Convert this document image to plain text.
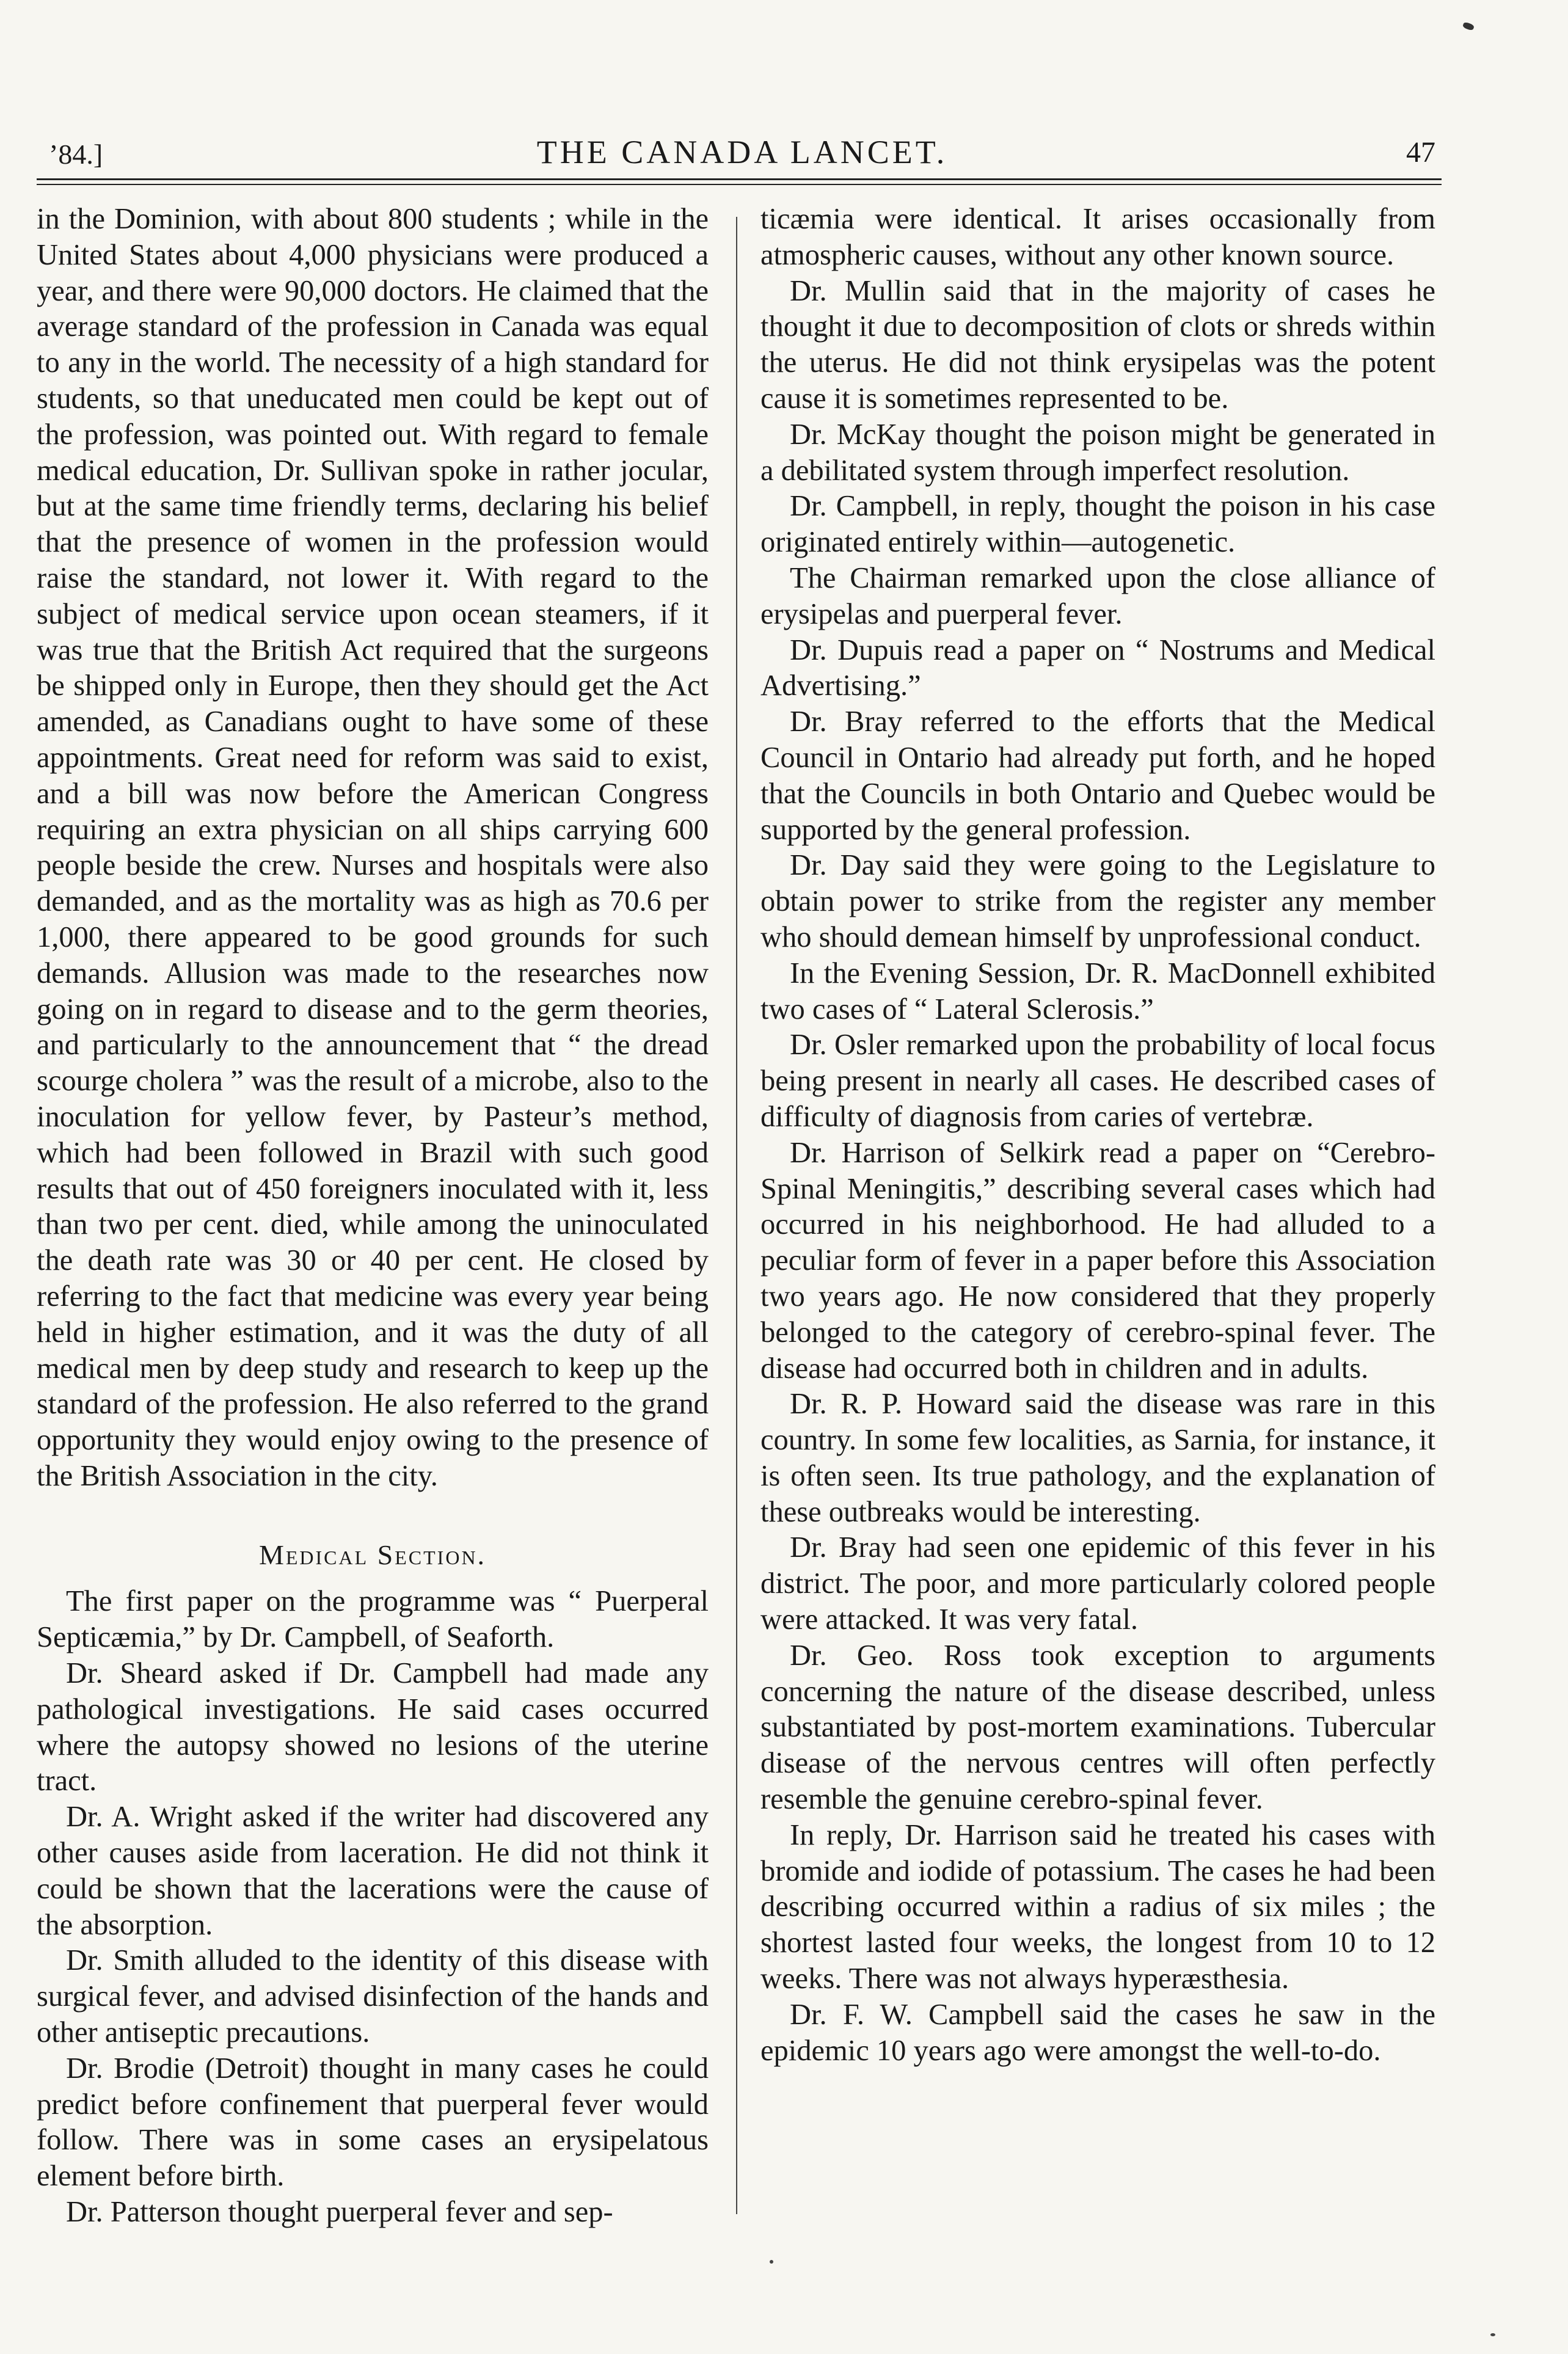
’84.]	THE CANADA LANCET.	47

in the Dominion, with about 800 students ; while in the United States about 4,000 physicians were produced a year, and there were 90,000 doctors. He claimed that the average standard of the profession in Canada was equal to any in the world. The necessity of a high standard for students, so that uneducated men could be kept out of the profession, was pointed out. With regard to female medical education, Dr. Sullivan spoke in rather jocular, but at the same time friendly terms, declaring his belief that the presence of women in the profession would raise the standard, not lower it. With regard to the subject of medical service upon ocean steamers, if it was true that the British Act required that the surgeons be shipped only in Europe, then they should get the Act amended, as Canadians ought to have some of these appointments. Great need for reform was said to exist, and a bill was now before the American Congress requiring an extra physician on all ships carrying 600 people beside the crew. Nurses and hospitals were also demanded, and as the mortality was as high as 70.6 per 1,000, there appeared to be good grounds for such demands. Allusion was made to the researches now going on in regard to disease and to the germ theories, and particularly to the announcement that “ the dread scourge cholera ” was the result of a microbe, also to the inoculation for yellow fever, by Pasteur’s method, which had been followed in Brazil with such good results that out of 450 foreigners inoculated with it, less than two per cent. died, while among the uninoculated the death rate was 30 or 40 per cent. He closed by referring to the fact that medicine was every year being held in higher estimation, and it was the duty of all medical men by deep study and research to keep up the standard of the profession. He also referred to the grand opportunity they would enjoy owing to the presence of the British Association in the city.

Medical Section.

The first paper on the programme was “ Puerperal Septicæmia,” by Dr. Campbell, of Seaforth.

Dr. Sheard asked if Dr. Campbell had made any pathological investigations. He said cases occurred where the autopsy showed no lesions of the uterine tract.

Dr. A. Wright asked if the writer had discovered any other causes aside from laceration. He did not think it could be shown that the lacerations were the cause of the absorption.

Dr. Smith alluded to the identity of this disease with surgical fever, and advised disinfection of the hands and other antiseptic precautions.

Dr. Brodie (Detroit) thought in many cases he could predict before confinement that puerperal fever would follow. There was in some cases an erysipelatous element before birth.

Dr. Patterson thought puerperal fever and sep-

ticæmia were identical. It arises occasionally from atmospheric causes, without any other known source.

Dr. Mullin said that in the majority of cases he thought it due to decomposition of clots or shreds within the uterus. He did not think erysipelas was the potent cause it is sometimes represented to be.

Dr. McKay thought the poison might be generated in a debilitated system through imperfect resolution.

Dr. Campbell, in reply, thought the poison in his case originated entirely within—autogenetic.

The Chairman remarked upon the close alliance of erysipelas and puerperal fever.

Dr. Dupuis read a paper on “ Nostrums and Medical Advertising.”

Dr. Bray referred to the efforts that the Medical Council in Ontario had already put forth, and he hoped that the Councils in both Ontario and Quebec would be supported by the general profession.

Dr. Day said they were going to the Legislature to obtain power to strike from the register any member who should demean himself by unprofessional conduct.

In the Evening Session, Dr. R. MacDonnell exhibited two cases of “ Lateral Sclerosis.”

Dr. Osler remarked upon the probability of local focus being present in nearly all cases. He described cases of difficulty of diagnosis from caries of vertebræ.

Dr. Harrison of Selkirk read a paper on “Cerebro-Spinal Meningitis,” describing several cases which had occurred in his neighborhood. He had alluded to a peculiar form of fever in a paper before this Association two years ago. He now considered that they properly belonged to the category of cerebro-spinal fever. The disease had occurred both in children and in adults.

Dr. R. P. Howard said the disease was rare in this country. In some few localities, as Sarnia, for instance, it is often seen. Its true pathology, and the explanation of these outbreaks would be interesting.

Dr. Bray had seen one epidemic of this fever in his district. The poor, and more particularly colored people were attacked. It was very fatal.

Dr. Geo. Ross took exception to arguments concerning the nature of the disease described, unless substantiated by post-mortem examinations. Tubercular disease of the nervous centres will often perfectly resemble the genuine cerebro-spinal fever.

In reply, Dr. Harrison said he treated his cases with bromide and iodide of potassium. The cases he had been describing occurred within a radius of six miles ; the shortest lasted four weeks, the longest from 10 to 12 weeks. There was not always hyperæsthesia.

Dr. F. W. Campbell said the cases he saw in the epidemic 10 years ago were amongst the well-to-do.
